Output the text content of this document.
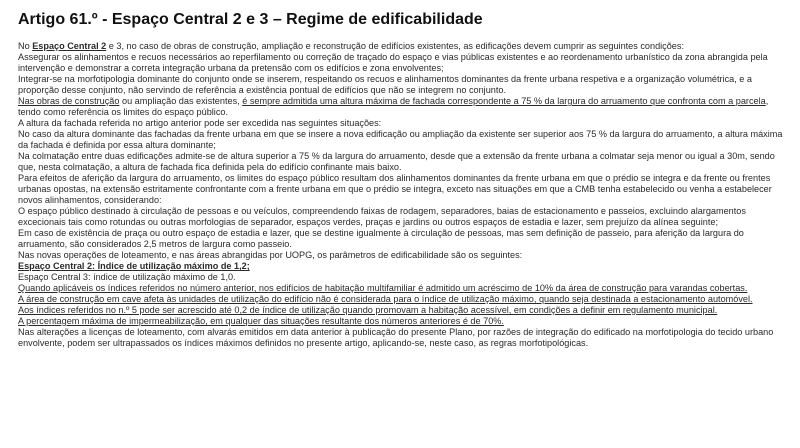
Artigo 61.º - Espaço Central 2 e 3 – Regime de edificabilidade

No Espaço Central 2 e 3, no caso de obras de construção, ampliação e reconstrução de edifícios existentes, as edificações devem cumprir as seguintes condições:

Assegurar os alinhamentos e recuos necessários ao reperfilamento ou correção de traçado do espaço e vias públicas existentes e ao reordenamento urbanístico da zona abrangida pela intervenção e demonstrar a correta integração urbana da pretensão com os edifícios e zona envolventes;

Integrar-se na morfotipologia dominante do conjunto onde se inserem, respeitando os recuos e alinhamentos dominantes da frente urbana respetiva e a organização volumétrica, e a proporção desse conjunto, não servindo de referência a existência pontual de edifícios que não se integrem no conjunto.

Nas obras de construção ou ampliação das existentes, é sempre admitida uma altura máxima de fachada correspondente a 75 % da largura do arruamento que confronta com a parcela, tendo como referência os limites do espaço público.

A altura da fachada referida no artigo anterior pode ser excedida nas seguintes situações:

No caso da altura dominante das fachadas da frente urbana em que se insere a nova edificação ou ampliação da existente ser superior aos 75 % da largura do arruamento, a altura máxima da fachada é definida por essa altura dominante;

Na colmatação entre duas edificações admite-se de altura superior a 75 % da largura do arruamento, desde que a extensão da frente urbana a colmatar seja menor ou igual a 30m, sendo que, nesta colmatação, a altura de fachada fica definida pela do edifício confinante mais baixo.

Para efeitos de aferição da largura do arruamento, os limites do espaço público resultam dos alinhamentos dominantes da frente urbana em que o prédio se integra e da frente ou frentes urbanas opostas, na extensão estritamente confrontante com a frente urbana em que o prédio se integra, exceto nas situações em que a CMB tenha estabelecido ou venha a estabelecer novos alinhamentos, considerando:

O espaço público destinado à circulação de pessoas e ou veículos, compreendendo faixas de rodagem, separadores, baias de estacionamento e passeios, excluindo alargamentos excecionais tais como rotundas ou outras morfologias de separador, espaços verdes, praças e jardins ou outros espaços de estadia e lazer, sem prejuízo da alínea seguinte;

Em caso de existência de praça ou outro espaço de estadia e lazer, que se destine igualmente à circulação de pessoas, mas sem definição de passeio, para aferição da largura do arruamento, são considerados 2,5 metros de largura como passeio.

Nas novas operações de loteamento, e nas áreas abrangidas por UOPG, os parâmetros de edificabilidade são os seguintes:

Espaço Central 2: Índice de utilização máximo de 1,2;

Espaço Central 3: índice de utilização máximo de 1,0.

Quando aplicáveis os índices referidos no número anterior, nos edifícios de habitação multifamiliar é admitido um acréscimo de 10% da área de construção para varandas cobertas.

A área de construção em cave afeta às unidades de utilização do edifício não é considerada para o índice de utilização máximo, quando seja destinada a estacionamento automóvel.

Aos índices referidos no n.º 5 pode ser acrescido até 0,2 de índice de utilização quando promovam a habitação acessível, em condições a definir em regulamento municipal.

A percentagem máxima de impermeabilização, em qualquer das situações resultante dos números anteriores é de 70%.

Nas alterações a licenças de loteamento, com alvarás emitidos em data anterior à publicação do presente Plano, por razões de integração do edificado na morfotipologia do tecido urbano envolvente, podem ser ultrapassados os índices máximos definidos no presente artigo, aplicando-se, neste caso, as regras morfotipológicas.
